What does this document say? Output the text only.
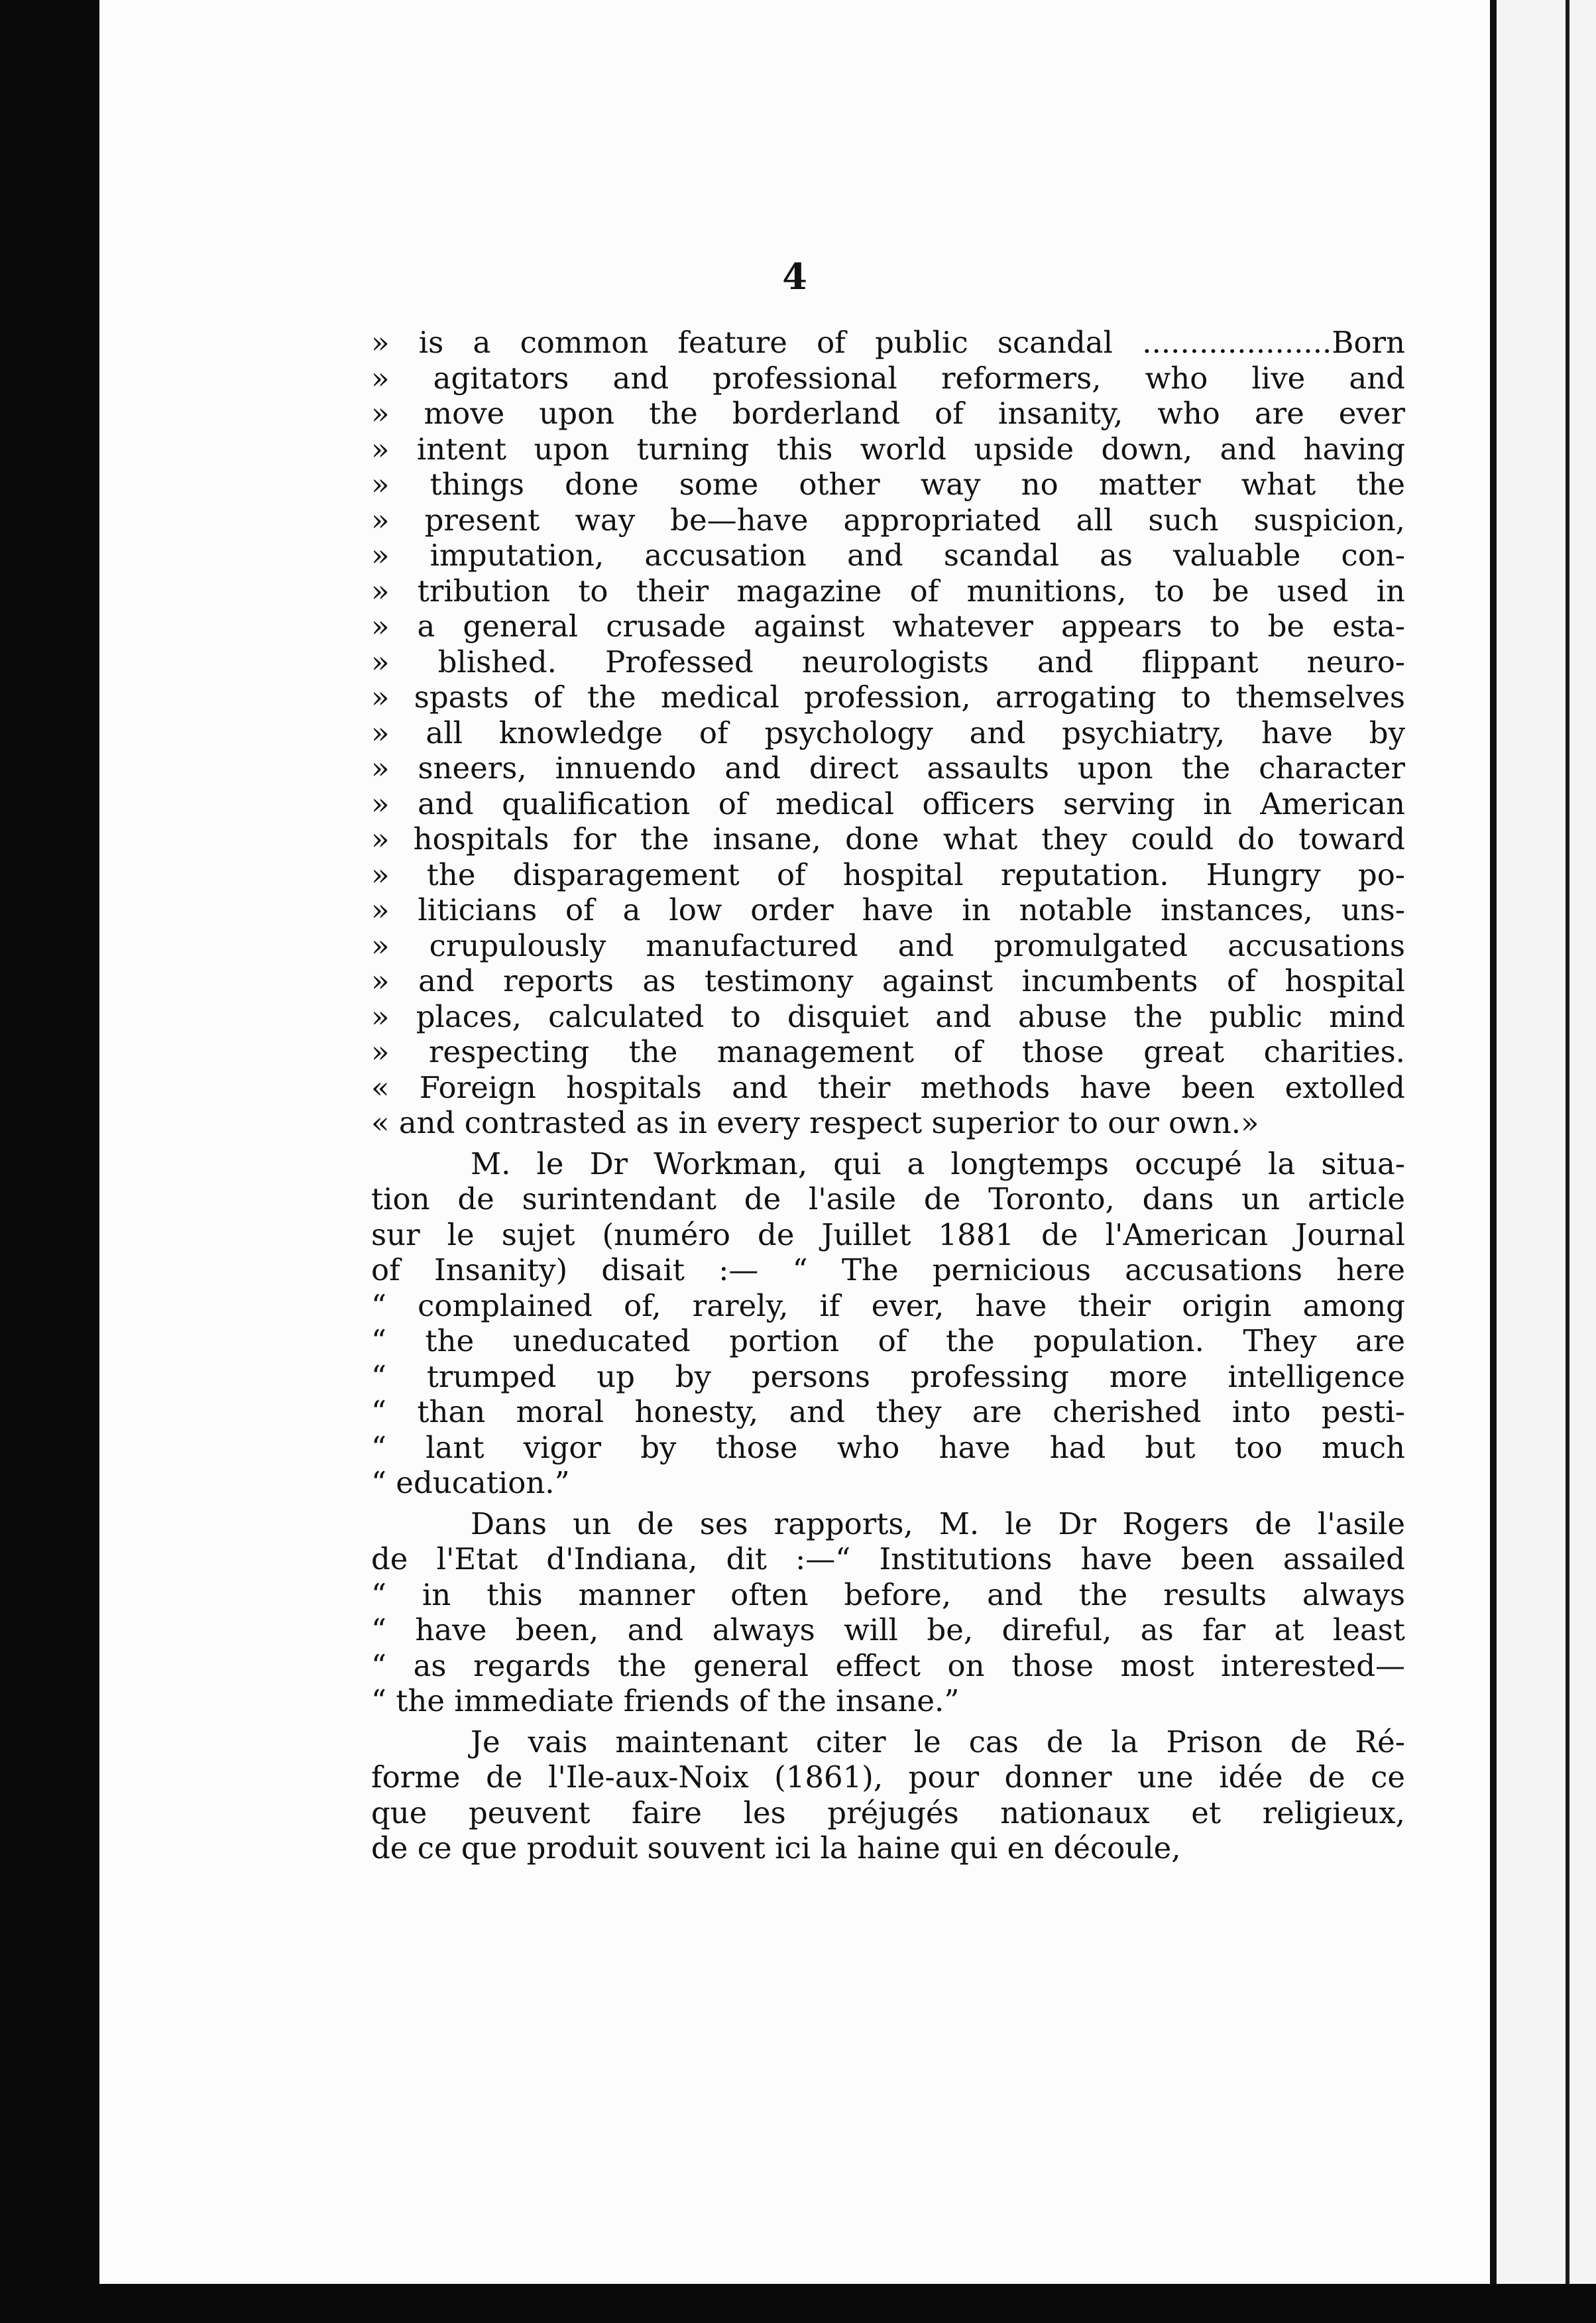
4
» is a common feature of public scandal ....................Born
» agitators and professional reformers, who live and
» move upon the borderland of insanity, who are ever
» intent upon turning this world upside down, and having
» things done some other way no matter what the
» present way be—have appropriated all such suspicion,
» imputation, accusation and scandal as valuable con-
» tribution to their magazine of munitions, to be used in
» a general crusade against whatever appears to be esta-
» blished. Professed neurologists and flippant neuro-
» spasts of the medical profession, arrogating to themselves
» all knowledge of psychology and psychiatry, have by
» sneers, innuendo and direct assaults upon the character
» and qualification of medical officers serving in American
» hospitals for the insane, done what they could do toward
» the disparagement of hospital reputation. Hungry po-
» liticians of a low order have in notable instances, uns-
» crupulously manufactured and promulgated accusations
» and reports as testimony against incumbents of hospital
» places, calculated to disquiet and abuse the public mind
» respecting the management of those great charities.
« Foreign hospitals and their methods have been extolled
« and contrasted as in every respect superior to our own.»
M. le Dr Workman, qui a longtemps occupé la situa-
tion de surintendant de l'asile de Toronto, dans un article
sur le sujet (numéro de Juillet 1881 de l'American Journal
of Insanity) disait :— “ The pernicious accusations here
“ complained of, rarely, if ever, have their origin among
“ the uneducated portion of the population. They are
“ trumped up by persons professing more intelligence
“ than moral honesty, and they are cherished into pesti-
“ lant vigor by those who have had but too much
“ education.”
Dans un de ses rapports, M. le Dr Rogers de l'asile
de l'Etat d'Indiana, dit :—“ Institutions have been assailed
“ in this manner often before, and the results always
“ have been, and always will be, direful, as far at least
“ as regards the general effect on those most interested—
“ the immediate friends of the insane.”
Je vais maintenant citer le cas de la Prison de Ré-
forme de l'Ile-aux-Noix (1861), pour donner une idée de ce
que peuvent faire les préjugés nationaux et religieux,
de ce que produit souvent ici la haine qui en découle,
